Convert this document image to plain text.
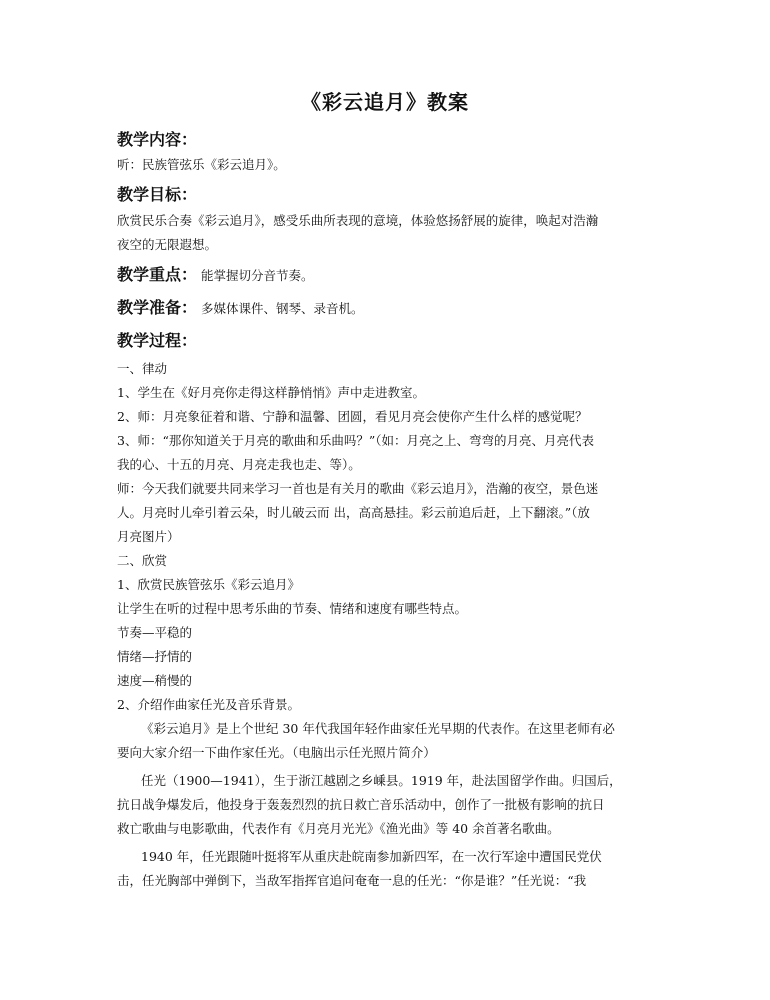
《彩云追月》教案
教学内容：
听：民族管弦乐《彩云追月》。
教学目标：
欣赏民乐合奏《彩云追月》，感受乐曲所表现的意境，体验悠扬舒展的旋律，唤起对浩瀚
夜空的无限遐想。
教学重点： 能掌握切分音节奏。
教学准备： 多媒体课件、钢琴、录音机。
教学过程：
一、律动
1、学生在《好月亮你走得这样静悄悄》声中走进教室。
2、师：月亮象征着和谐、宁静和温馨、团圆，看见月亮会使你产生什么样的感觉呢？
3、师：“那你知道关于月亮的歌曲和乐曲吗？”（如：月亮之上、弯弯的月亮、月亮代表
我的心、十五的月亮、月亮走我也走、等）。
师：今天我们就要共同来学习一首也是有关月的歌曲《彩云追月》，浩瀚的夜空，景色迷
人。月亮时儿牵引着云朵，时儿破云而 出，高高悬挂。彩云前追后赶，上下翻滚。”（放
月亮图片）
二、欣赏
1、欣赏民族管弦乐《彩云追月》
让学生在听的过程中思考乐曲的节奏、情绪和速度有哪些特点。
节奏—平稳的
情绪—抒情的
速度—稍慢的
2、介绍作曲家任光及音乐背景。
《彩云追月》是上个世纪 30 年代我国年轻作曲家任光早期的代表作。在这里老师有必
要向大家介绍一下曲作家任光。（电脑出示任光照片简介）
任光（1900—1941），生于浙江越剧之乡嵊县。1919 年，赴法国留学作曲。归国后，
抗日战争爆发后，他投身于轰轰烈烈的抗日救亡音乐活动中，创作了一批极有影响的抗日
救亡歌曲与电影歌曲，代表作有《月亮月光光》《渔光曲》等 40 余首著名歌曲。
1940 年，任光跟随叶挺将军从重庆赴皖南参加新四军，在一次行军途中遭国民党伏
击，任光胸部中弹倒下，当敌军指挥官追问奄奄一息的任光：“你是谁？”任光说：“我
